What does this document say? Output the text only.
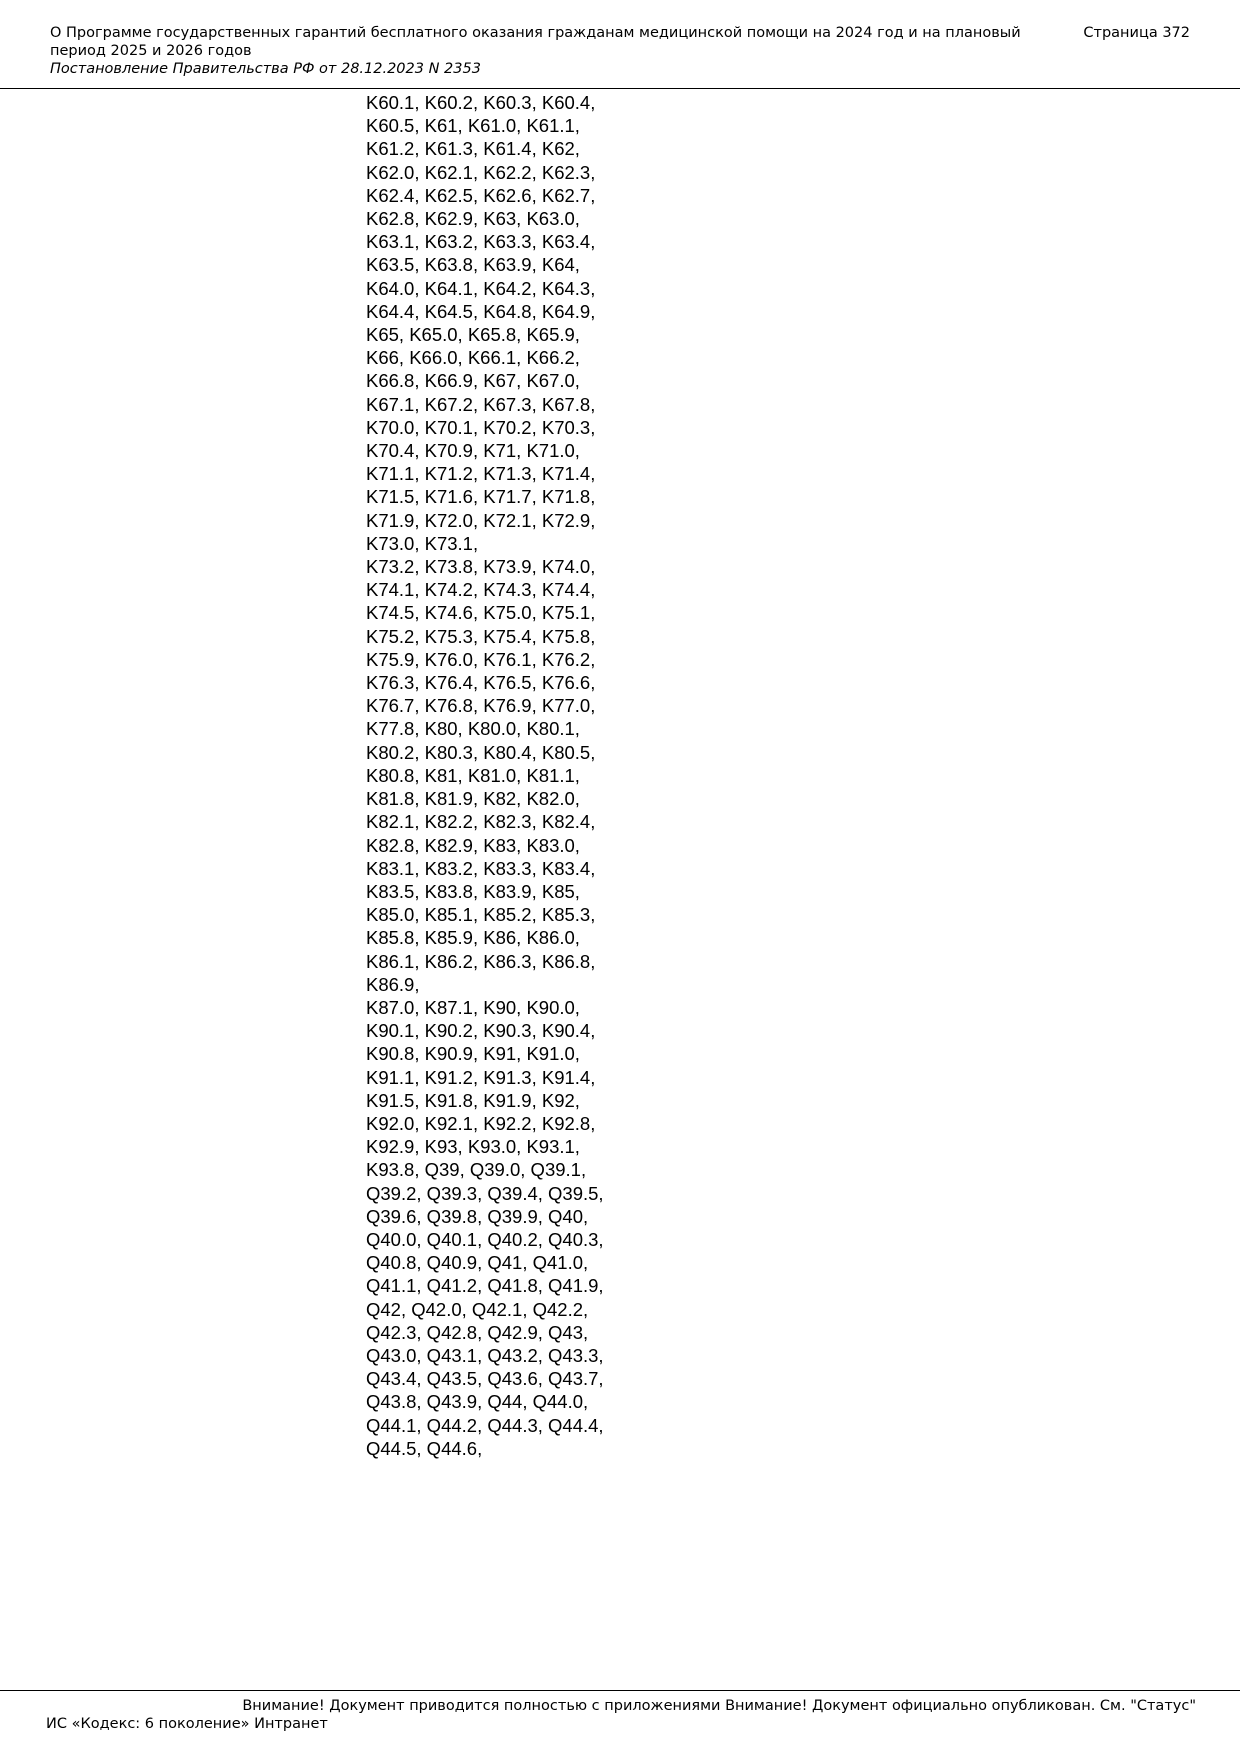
О Программе государственных гарантий бесплатного оказания гражданам медицинской помощи на 2024 год и на плановый период 2025 и 2026 годов
Страница 372
Постановление Правительства РФ от 28.12.2023 N 2353
K60.1, K60.2, K60.3, K60.4,
K60.5, K61, K61.0, K61.1,
K61.2, K61.3, K61.4, K62,
K62.0, K62.1, K62.2, K62.3,
K62.4, K62.5, K62.6, K62.7,
K62.8, K62.9, K63, K63.0,
K63.1, K63.2, K63.3, K63.4,
K63.5, K63.8, K63.9, K64,
K64.0, K64.1, K64.2, K64.3,
K64.4, K64.5, K64.8, K64.9,
K65, K65.0, K65.8, K65.9,
K66, K66.0, K66.1, K66.2,
K66.8, K66.9, K67, K67.0,
K67.1, K67.2, K67.3, K67.8,
K70.0, K70.1, K70.2, K70.3,
K70.4, K70.9, K71, K71.0,
K71.1, K71.2, K71.3, K71.4,
K71.5, K71.6, K71.7, K71.8,
K71.9, K72.0, K72.1, K72.9,
K73.0, K73.1,
K73.2, K73.8, K73.9, K74.0,
K74.1, K74.2, K74.3, K74.4,
K74.5, K74.6, K75.0, K75.1,
K75.2, K75.3, K75.4, K75.8,
K75.9, K76.0, K76.1, K76.2,
K76.3, K76.4, K76.5, K76.6,
K76.7, K76.8, K76.9, K77.0,
K77.8, K80, K80.0, K80.1,
K80.2, K80.3, K80.4, K80.5,
K80.8, K81, K81.0, K81.1,
K81.8, K81.9, K82, K82.0,
K82.1, K82.2, K82.3, K82.4,
K82.8, K82.9, K83, K83.0,
K83.1, K83.2, K83.3, K83.4,
K83.5, K83.8, K83.9, K85,
K85.0, K85.1, K85.2, K85.3,
K85.8, K85.9, K86, K86.0,
K86.1, K86.2, K86.3, K86.8,
K86.9,
K87.0, K87.1, K90, K90.0,
K90.1, K90.2, K90.3, K90.4,
K90.8, K90.9, K91, K91.0,
K91.1, K91.2, K91.3, K91.4,
K91.5, K91.8, K91.9, K92,
K92.0, K92.1, K92.2, K92.8,
K92.9, K93, K93.0, K93.1,
K93.8, Q39, Q39.0, Q39.1,
Q39.2, Q39.3, Q39.4, Q39.5,
Q39.6, Q39.8, Q39.9, Q40,
Q40.0, Q40.1, Q40.2, Q40.3,
Q40.8, Q40.9, Q41, Q41.0,
Q41.1, Q41.2, Q41.8, Q41.9,
Q42, Q42.0, Q42.1, Q42.2,
Q42.3, Q42.8, Q42.9, Q43,
Q43.0, Q43.1, Q43.2, Q43.3,
Q43.4, Q43.5, Q43.6, Q43.7,
Q43.8, Q43.9, Q44, Q44.0,
Q44.1, Q44.2, Q44.3, Q44.4,
Q44.5, Q44.6,
Внимание! Документ приводится полностью с приложениями Внимание! Документ официально опубликован. См. "Статус"
ИС «Кодекс: 6 поколение» Интранет
